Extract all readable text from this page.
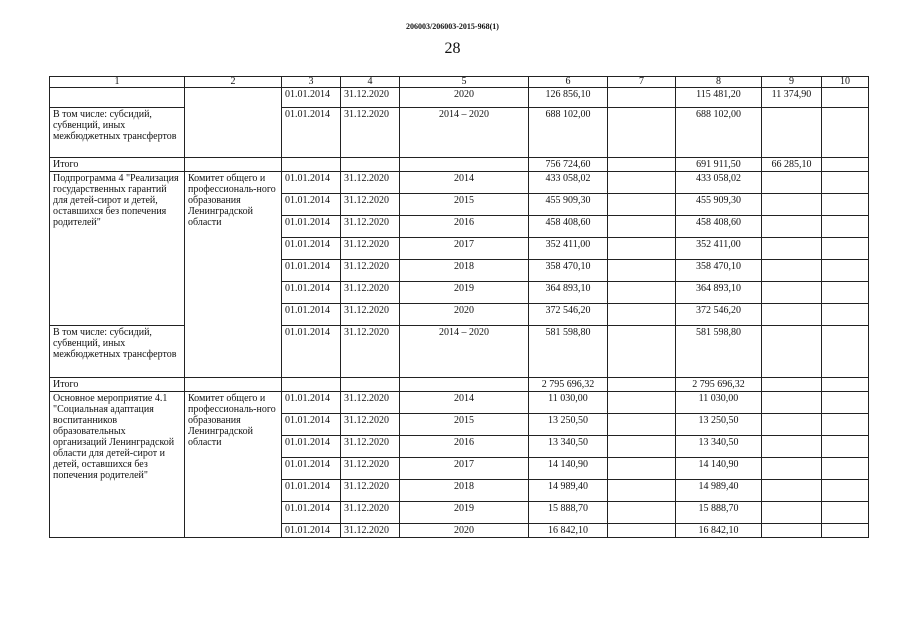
206003/206003-2015-968(1)
28
1	2	3	4	5	6	7	8	9	10
		01.01.2014	31.12.2020	2020	126 856,10		115 481,20	11 374,90	
В том числе: субсидий, субвенций, иных межбюджетных трансфертов		01.01.2014	31.12.2020	2014 – 2020	688 102,00		688 102,00		
Итого					756 724,60		691 911,50	66 285,10	
Подпрограмма 4 "Реализация государственных гарантий для детей-сирот и детей, оставшихся без попечения родителей"	Комитет общего и профессиональ-ного образования Ленинградской области	01.01.2014	31.12.2020	2014	433 058,02		433 058,02		
		01.01.2014	31.12.2020	2015	455 909,30		455 909,30		
		01.01.2014	31.12.2020	2016	458 408,60		458 408,60		
		01.01.2014	31.12.2020	2017	352 411,00		352 411,00		
		01.01.2014	31.12.2020	2018	358 470,10		358 470,10		
		01.01.2014	31.12.2020	2019	364 893,10		364 893,10		
		01.01.2014	31.12.2020	2020	372 546,20		372 546,20		
В том числе: субсидий, субвенций, иных межбюджетных трансфертов		01.01.2014	31.12.2020	2014 – 2020	581 598,80		581 598,80		
Итого					2 795 696,32		2 795 696,32		
Основное мероприятие 4.1 "Социальная адаптация воспитанников образовательных организаций Ленинградской области для детей-сирот и детей, оставшихся без попечения родителей"	Комитет общего и профессиональ-ного образования Ленинградской области	01.01.2014	31.12.2020	2014	11 030,00		11 030,00		
		01.01.2014	31.12.2020	2015	13 250,50		13 250,50		
		01.01.2014	31.12.2020	2016	13 340,50		13 340,50		
		01.01.2014	31.12.2020	2017	14 140,90		14 140,90		
		01.01.2014	31.12.2020	2018	14 989,40		14 989,40		
		01.01.2014	31.12.2020	2019	15 888,70		15 888,70		
		01.01.2014	31.12.2020	2020	16 842,10		16 842,10		
